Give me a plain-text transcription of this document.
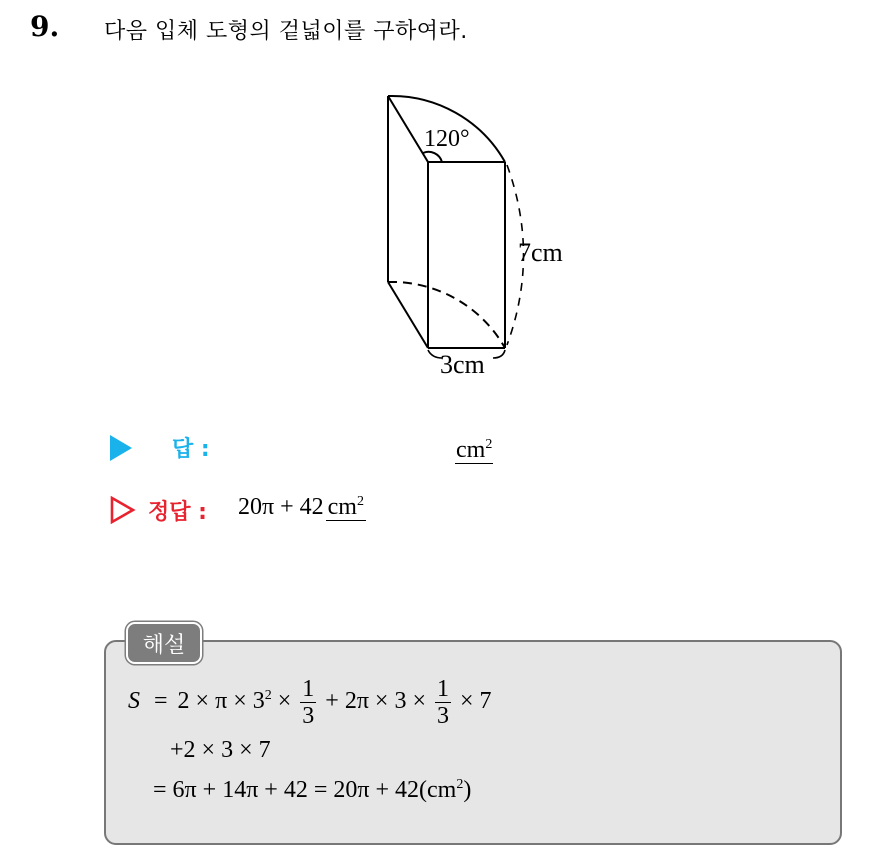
9. 다음 입체 도형의 겉넓이를 구하여라.
120°
7cm
3cm
답 :	$cm^2$
정답 : 20π + 42 $cm^2$
해설
$S = 2 \times \pi \times 3^2 \times \frac{1}{3} + 2\pi \times 3 \times \frac{1}{3} \times 7$
+2 × 3 × 7
= $6\pi + 14\pi + 42 = 20\pi + 42(cm^2)$
